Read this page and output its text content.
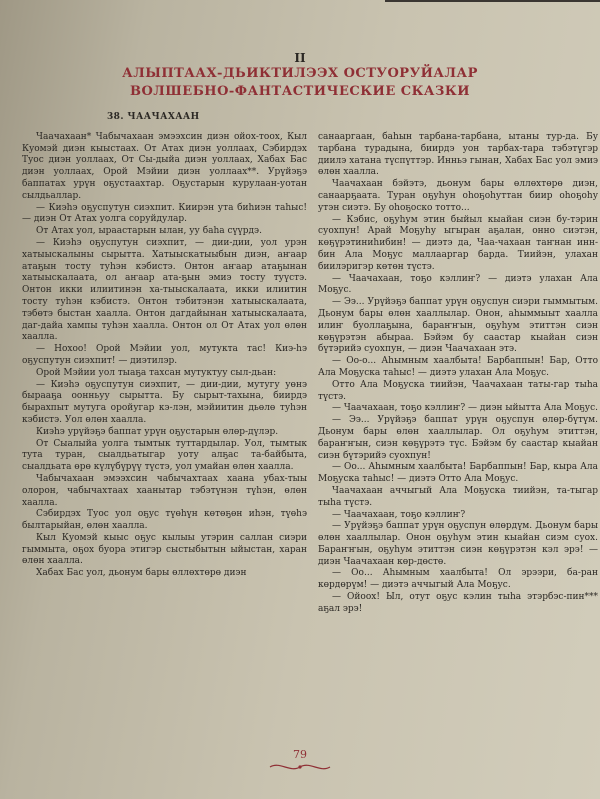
II
АЛЫПТААХ-ДЬИКТИЛЭЭХ ОСТУОРУЙАЛАР
ВОЛШЕБНО-ФАНТАСТИЧЕСКИЕ СКАЗКИ

38. ЧААЧАХААН

Чаачахаан* Чабычахаан эмээхсин диэн ойох-тоох, Кыл Куомэй диэн кыыстаах. От Атах диэн уоллаах, Сэбирдэх Туос диэн уоллаах, От Сы-дыйа диэн уоллаах, Хабах Бас диэн уоллаах, Орой Мэйии диэн уоллаах**. Урүйэҕэ баппатах урүн оҕустаахтар. Оҕустарын курулаан-уотан сылдьаллар.

— Киэһэ оҕуспутун сиэхпит. Киирэн ута биһиэн таһыс! — диэн От Атах уолга соруйдулар.

От Атах уол, ыраастарын ылан, уу баһа сүүрдэ.

— Киэһэ оҕуспутун сиэхпит, — дии-дии, уол урэн хатыыскалыны сырытта. Хатыыскатыыбын диэн, аҥаар атаҕын тосту туһэн кэбистэ. Онтон аҥаар атаҕынан хатыыскалаата, ол аҥаар ата-ҕын эмиэ тосту туүстэ. Онтон икки илиитинэн ха-тыыскалаата, икки илиитин тосту туһэн кэбистэ. Онтон тэбитэнэн хатыыскалаата, тэбөтэ быстан хаалла. Онтон дагдайынан хатыыскалаата, даг-дайа хампы туһэн хаалла. Онтон ол От Атах уол өлөн хаалла.

— Нохоо! Орой Мэйии уол, мутукта тас! Киэ-һэ оҕуспутун сиэхпит! — диэтилэр.

Орой Мэйии уол тыаҕа тахсан мутуктуу сыл-дьан:

— Киэһэ оҕуспутун сиэхпит, — дии-дии, мутугу уөнэ бырааҕа оонньуу сырытта. Бу сырыт-тахына, биирдэ бырахпыт мутуга оройугар кэ-лэн, мэйиитин дьөлө туһэн кэбистэ. Уол өлөн хаалла.

Киэһэ урүйэҕэ баппат урүн оҕустарын өлөр-дүлэр.

От Сыалыйа уолга тымтык туттардылар. Уол, тымтык тута туран, сыалдьатыгар уоту алҕас та-байбыта, сыалдьата өрө күлүбүрүү түстэ, уол умайан өлөн хаалла.

Чабычахаан эмээхсин чабычахтаах хаана убах-тыы олорон, чабычахтаах хаанытар тэбэтүнэн түһэн, өлөн хаалла.

Сэбирдэх Туос уол оҕус түөһүн көтөҕөн иһэн, түөһэ былтарыйан, өлөн хаалла.

Кыл Куомэй кыыс оҕус кылыы утэрин саллан сиэри гыммыта, оҕох буора этигэр сыстыбытын ыйыстан, харан өлөн хаалла.

Хабах Бас уол, дьонум бары өллөхтөрө диэн

санааргаан, баһын тарбана-тарбана, ытаны тур-да. Бу тарбана турадына, биирдэ уон тарбах-тара тэбэтүгэр диилэ хатана түспүттэр. Инньэ гынан, Хабах Бас уол эмиэ өлөн хаалла.

Чаачахаан бэйэтэ, дьонум бары өллөхтөрө диэн, санаарҕаата. Туран оҕуһун оһоҕоһуттан биир оһоҕоһу утэн сиэтэ. Бу оһоҕоско тотто...

— Кэбис, оҕуһум этин быйыл кыайан сиэн бу-тэрин суохпун! Арай Моҕуһу ыгыран аҕалан, онно сиэтэн, көҕүрэтиниһибин! — диэтэ да, Чаа-чахаан таҥнан инн-бин Ала Моҕус маллааргар барда. Тиийэн, улахан биилэригэр көтөн түстэ.

— Чаачахаан, тоҕо кэллиҥ? — диэтэ улахан Ала Моҕус.

— Ээ... Урүйэҕэ баппат урүн оҕуспун сиэри гыммытым. Дьонум бары өлөн хааллылар. Онон, аһыммыыт хаалла илиҥ буоллаҕына, бараҥҥын, оҕуһум этиттэн сиэн көҕүрэтэн абыраа. Бэйэм бу саастар кыайан сиэн бүтэрийэ суохпун, — диэн Чаачахаан этэ.

— Оо-о... Аһымным хаалбыта! Барбаппын! Бар, Отто Ала Моҕуска таһыс! — диэтэ улахан Ала Моҕус.

Отто Ала Моҕуска тиийэн, Чаачахаан таты-гар тыһа түстэ.

— Чаачахаан, тоҕо кэллиҥ? — диэн ыйытта Ала Моҕус.

— Ээ... Урүйэҕэ баппат урүн оҕуспун өлөр-бүтүм. Дьонум бары өлөн хааллылар. Ол оҕуһум этиттэн, бараҥҥын, сиэн көҕүрэтэ түс. Бэйэм бу саастар кыайан сиэн бүтэрийэ суохпун!

— Оо... Аһымным хаалбыта! Барбаппын! Бар, кыра Ала Моҕуска таһыс! — диэтэ Отто Ала Моҕус.

Чаачахаан аччыгый Ала Моҕуска тиийэн, та-тыгар тыһа түстэ.

— Чаачахаан, тоҕо кэллиҥ?

— Урүйэҕэ баппат урүн оҕуспун өлөрдүм. Дьонум бары өлөн хааллылар. Онон оҕуһум этин кыайан сиэм суох. Бараҥҥын, оҕуһум этиттэн сиэн көҕүрэтэн кэл эрэ! — диэн Чаачахаан көр-дөстө.

— Оо... Аһымным хаалбыта! Ол эрээри, ба-ран көрдөрүм! — диэтэ аччыгый Ала Моҕус.

— Ойоох! Ыл, отут оҕус кэлин тыһа этэрбэс-пин*** аҕал эрэ!

79
